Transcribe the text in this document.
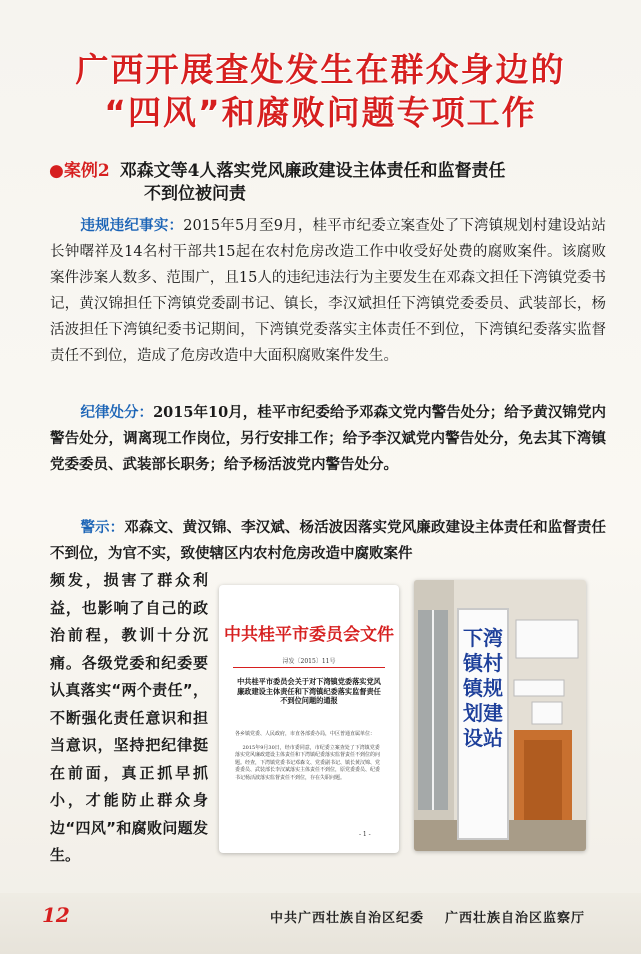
广西开展查处发生在群众身边的
“四风”和腐败问题专项工作
●案例2 邓森文等4人落实党风廉政建设主体责任和监督责任
不到位被问责
违规违纪事实：2015年5月至9月，桂平市纪委立案查处了下湾镇规划村建设站站长钟曙祥及14名村干部共15起在农村危房改造工作中收受好处费的腐败案件。该腐败案件涉案人数多、范围广，且15人的违纪违法行为主要发生在邓森文担任下湾镇党委书记，黄汉锦担任下湾镇党委副书记、镇长，李汉斌担任下湾镇党委委员、武装部长，杨活波担任下湾镇纪委书记期间，下湾镇党委落实主体责任不到位，下湾镇纪委落实监督责任不到位，造成了危房改造中大面积腐败案件发生。
纪律处分：2015年10月，桂平市纪委给予邓森文党内警告处分；给予黄汉锦党内警告处分，调离现工作岗位，另行安排工作；给予李汉斌党内警告处分，免去其下湾镇党委委员、武装部长职务；给予杨活波党内警告处分。
警示：邓森文、黄汉锦、李汉斌、杨活波因落实党风廉政建设主体责任和监督责任不到位，为官不实，致使辖区内农村危房改造中腐败案件
频发，损害了群众利益，也影响了自己的政治前程，教训十分沉痛。各级党委和纪委要认真落实“两个责任”，不断强化责任意识和担当意识，坚持把纪律挺在前面，真正抓早抓小，才能防止群众身边“四风”和腐败问题发生。
中共桂平市委员会文件
浔发〔2015〕11号
中共桂平市委员会关于对下湾镇党委落实党风廉政建设主体责任和下湾镇纪委落实监督责任不到位问题的通报
各乡镇党委、人民政府，市直各部委办局，中区普通直属单位：
2015年9月30日，经市委同意，市纪委立案查处了下湾镇党委落实党风廉政建设主体责任和下湾镇纪委落实监督责任不到位的问题。经查，下湾镇党委书记邓森文、党委副书记、镇长黄汉锦、党委委员、武装部长李汉斌落实主体责任不到位，原党委委员、纪委书记杨活波落实监督责任不到位，存在失职问题。
- 1 -
下湾镇村镇规划建设站
12	中共广西壮族自治区纪委 广西壮族自治区监察厅
